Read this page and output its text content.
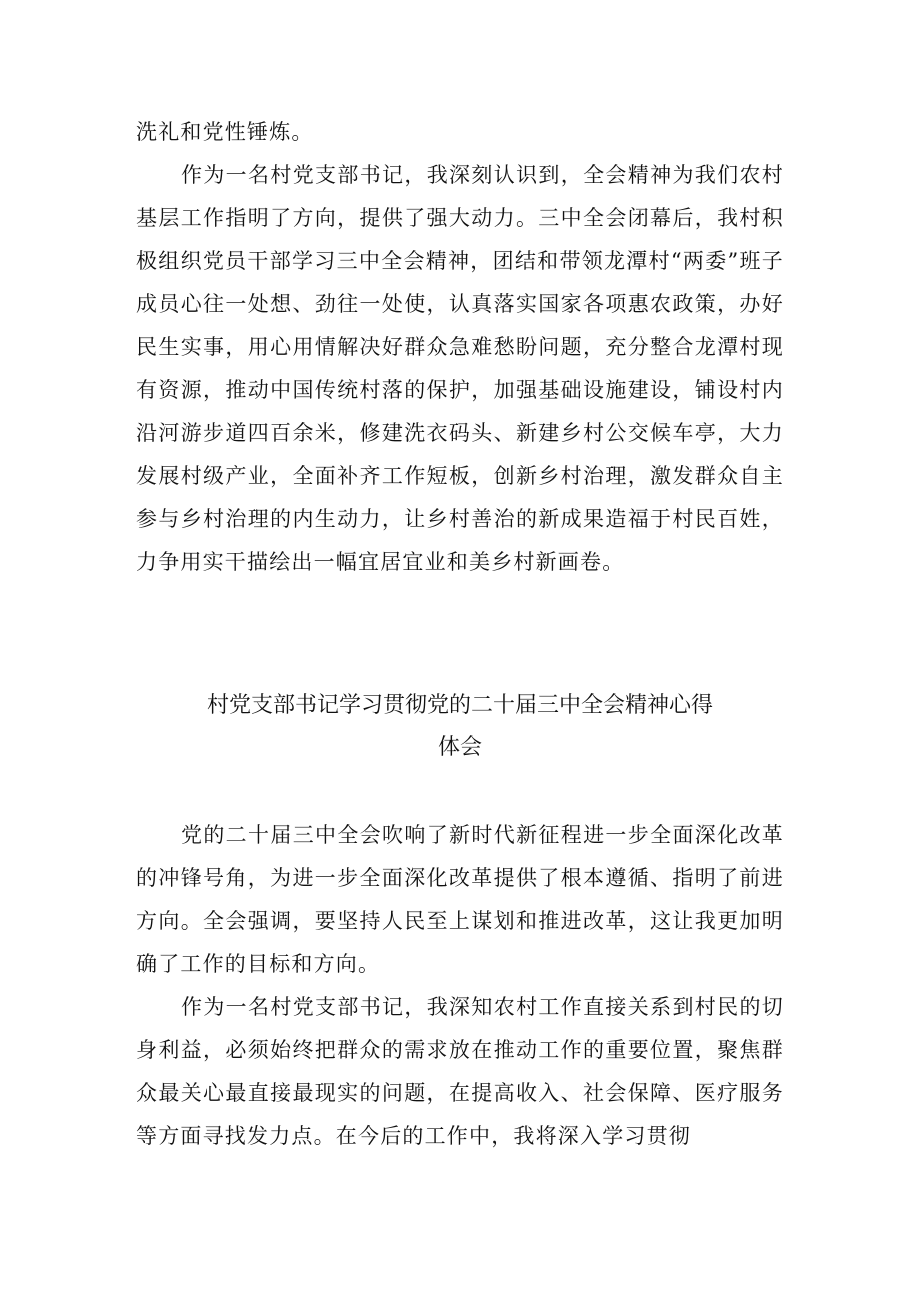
洗礼和党性锤炼。

作为一名村党支部书记，我深刻认识到，全会精神为我们农村基层工作指明了方向，提供了强大动力。三中全会闭幕后，我村积极组织党员干部学习三中全会精神，团结和带领龙潭村“两委”班子成员心往一处想、劲往一处使，认真落实国家各项惠农政策，办好民生实事，用心用情解决好群众急难愁盼问题，充分整合龙潭村现有资源，推动中国传统村落的保护，加强基础设施建设，铺设村内沿河游步道四百余米，修建洗衣码头、新建乡村公交候车亭，大力发展村级产业，全面补齐工作短板，创新乡村治理，激发群众自主参与乡村治理的内生动力，让乡村善治的新成果造福于村民百姓，力争用实干描绘出一幅宜居宜业和美乡村新画卷。

村党支部书记学习贯彻党的二十届三中全会精神心得
体会

党的二十届三中全会吹响了新时代新征程进一步全面深化改革的冲锋号角，为进一步全面深化改革提供了根本遵循、指明了前进方向。全会强调，要坚持人民至上谋划和推进改革，这让我更加明确了工作的目标和方向。

作为一名村党支部书记，我深知农村工作直接关系到村民的切身利益，必须始终把群众的需求放在推动工作的重要位置，聚焦群众最关心最直接最现实的问题，在提高收入、社会保障、医疗服务等方面寻找发力点。在今后的工作中，我将深入学习贯彻
